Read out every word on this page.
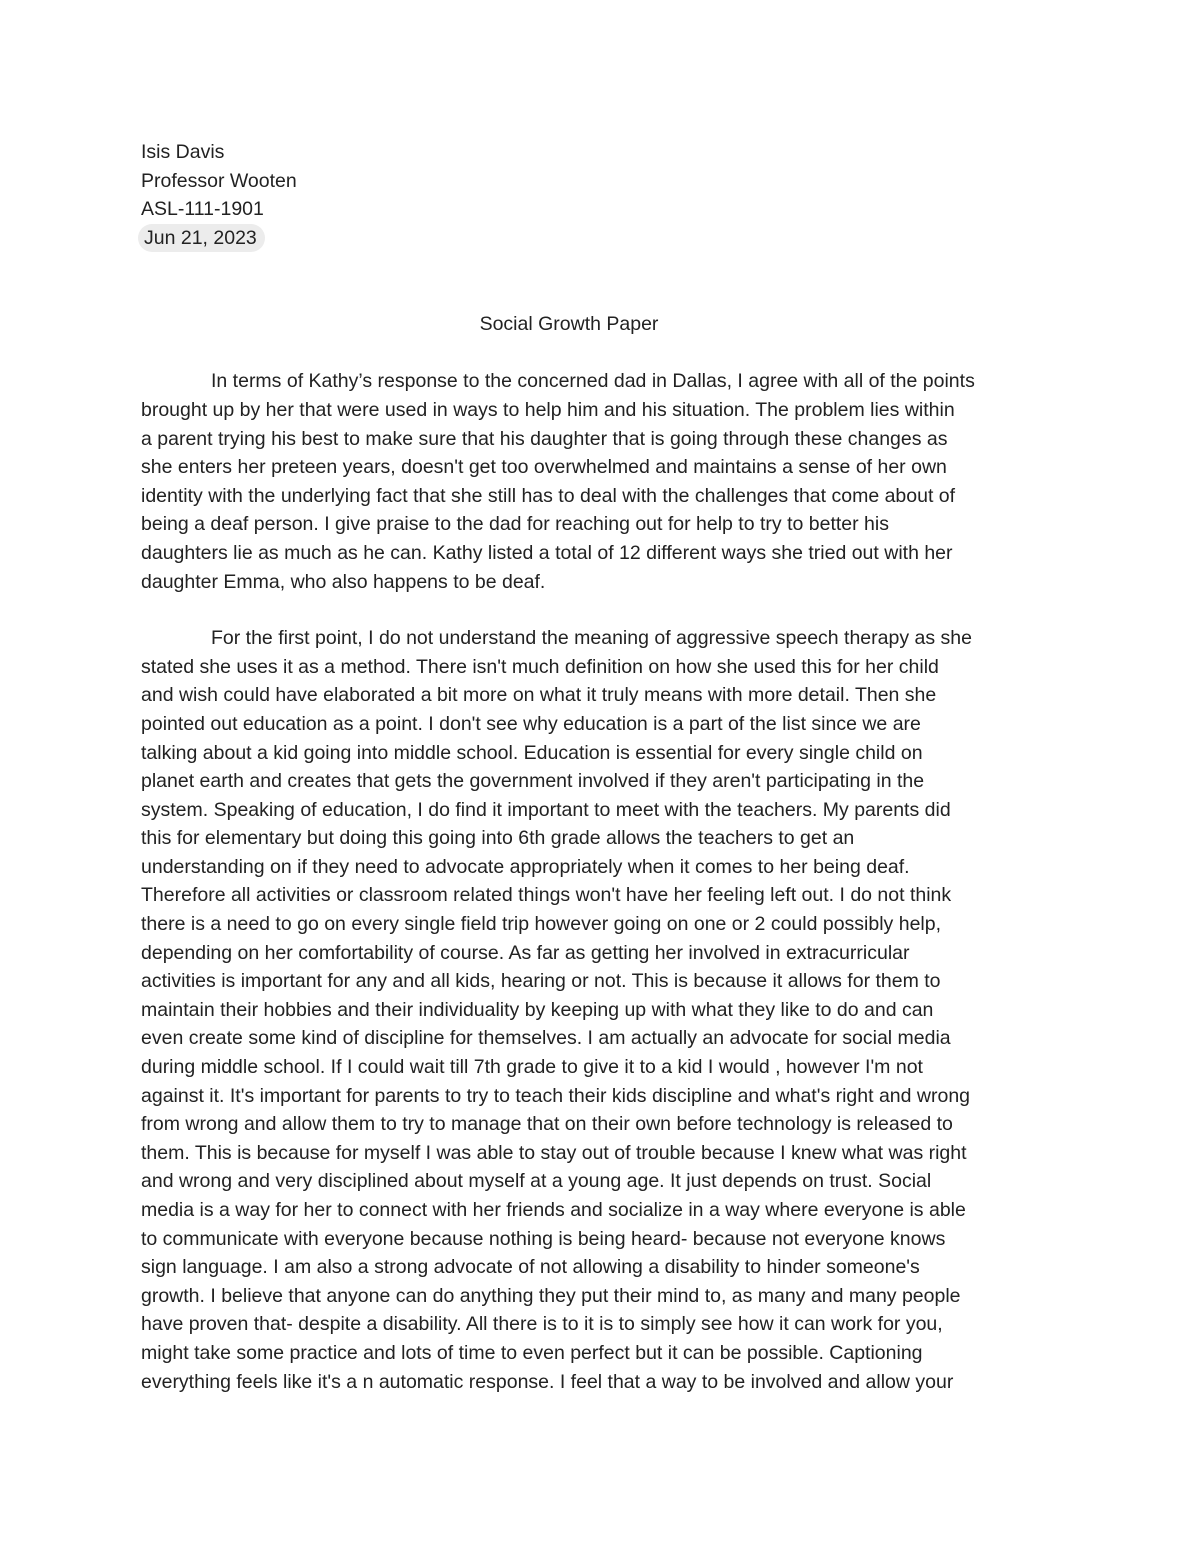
Isis Davis
Professor Wooten
ASL-111-1901
Jun 21, 2023
Social Growth Paper
In terms of Kathy’s response to the concerned dad in Dallas, I agree with all of the points
brought up by her that were used in ways to help him and his situation. The problem lies within
a parent trying his best to make sure that his daughter that is going through these changes as
she enters her preteen years, doesn't get too overwhelmed and maintains a sense of her own
identity with the underlying fact that she still has to deal with the challenges that come about of
being a deaf person. I give praise to the dad for reaching out for help to try to better his
daughters lie as much as he can. Kathy listed a total of 12 different ways she tried out with her
daughter Emma, who also happens to be deaf.
For the first point, I do not understand the meaning of aggressive speech therapy as she
stated she uses it as a method. There isn't much definition on how she used this for her child
and wish could have elaborated a bit more on what it truly means with more detail. Then she
pointed out education as a point. I don't see why education is a part of the list since we are
talking about a kid going into middle school. Education is essential for every single child on
planet earth and creates that gets the government involved if they aren't participating in the
system. Speaking of education, I do find it important to meet with the teachers. My parents did
this for elementary but doing this going into 6th grade allows the teachers to get an
understanding on if they need to advocate appropriately when it comes to her being deaf.
Therefore all activities or classroom related things won't have her feeling left out. I do not think
there is a need to go on every single field trip however going on one or 2 could possibly help,
depending on her comfortability of course. As far as getting her involved in extracurricular
activities is important for any and all kids, hearing or not. This is because it allows for them to
maintain their hobbies and their individuality by keeping up with what they like to do and can
even create some kind of discipline for themselves. I am actually an advocate for social media
during middle school. If I could wait till 7th grade to give it to a kid I would , however I'm not
against it. It's important for parents to try to teach their kids discipline and what's right and wrong
from wrong and allow them to try to manage that on their own before technology is released to
them. This is because for myself I was able to stay out of trouble because I knew what was right
and wrong and very disciplined about myself at a young age. It just depends on trust. Social
media is a way for her to connect with her friends and socialize in a way where everyone is able
to communicate with everyone because nothing is being heard- because not everyone knows
sign language. I am also a strong advocate of not allowing a disability to hinder someone's
growth. I believe that anyone can do anything they put their mind to, as many and many people
have proven that- despite a disability. All there is to it is to simply see how it can work for you,
might take some practice and lots of time to even perfect but it can be possible. Captioning
everything feels like it's a n automatic response. I feel that a way to be involved and allow your
